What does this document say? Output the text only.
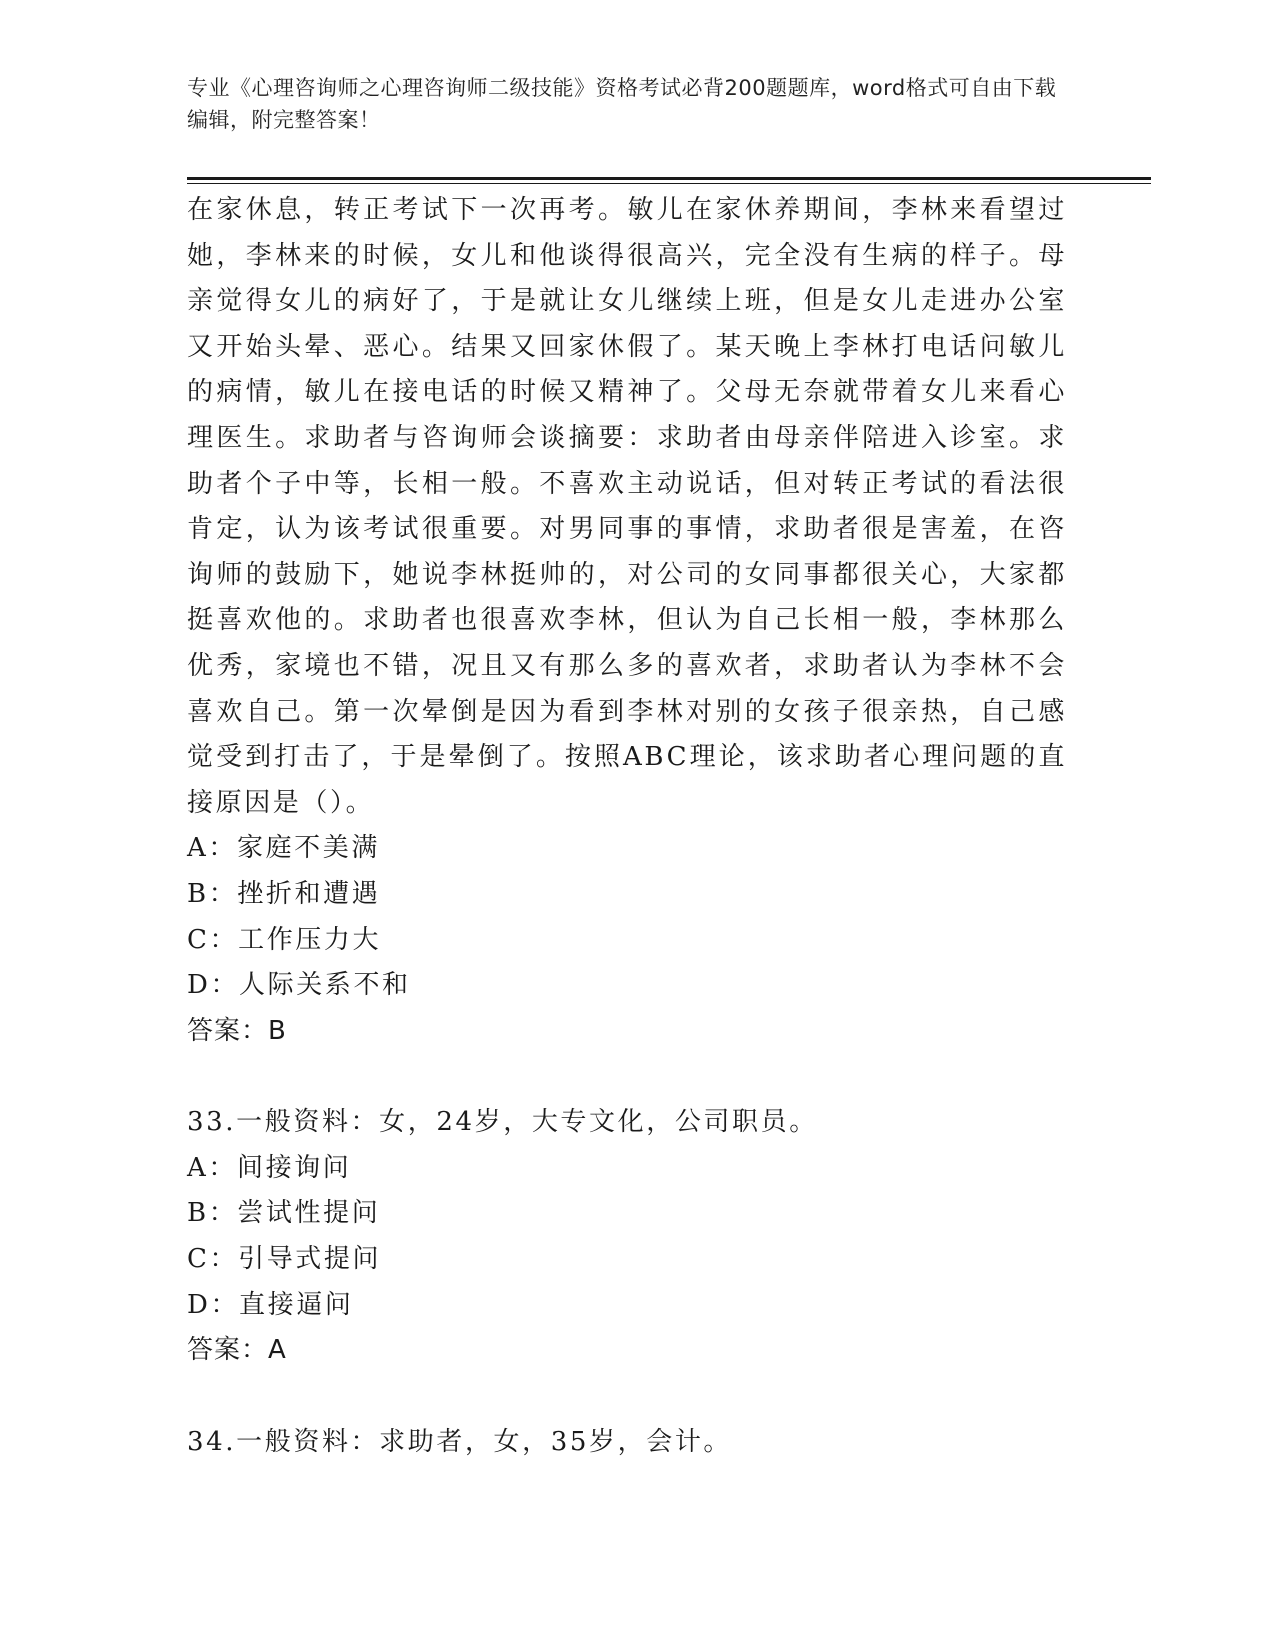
专业《心理咨询师之心理咨询师二级技能》资格考试必背200题题库，word格式可自由下载编辑，附完整答案！

在家休息，转正考试下一次再考。敏儿在家休养期间，李林来看望过她，李林来的时候，女儿和他谈得很高兴，完全没有生病的样子。母亲觉得女儿的病好了，于是就让女儿继续上班，但是女儿走进办公室又开始头晕、恶心。结果又回家休假了。某天晚上李林打电话问敏儿的病情，敏儿在接电话的时候又精神了。父母无奈就带着女儿来看心理医生。求助者与咨询师会谈摘要：求助者由母亲伴陪进入诊室。求助者个子中等，长相一般。不喜欢主动说话，但对转正考试的看法很肯定，认为该考试很重要。对男同事的事情，求助者很是害羞，在咨询师的鼓励下，她说李林挺帅的，对公司的女同事都很关心，大家都挺喜欢他的。求助者也很喜欢李林，但认为自己长相一般，李林那么优秀，家境也不错，况且又有那么多的喜欢者，求助者认为李林不会喜欢自己。第一次晕倒是因为看到李林对别的女孩子很亲热，自己感觉受到打击了，于是晕倒了。按照ABC理论，该求助者心理问题的直接原因是（）。

A：家庭不美满

B：挫折和遭遇

C：工作压力大

D：人际关系不和

答案：B

33.一般资料：女，24岁，大专文化，公司职员。

A：间接询问

B：尝试性提问

C：引导式提问

D：直接逼问

答案：A

34.一般资料：求助者，女，35岁，会计。
